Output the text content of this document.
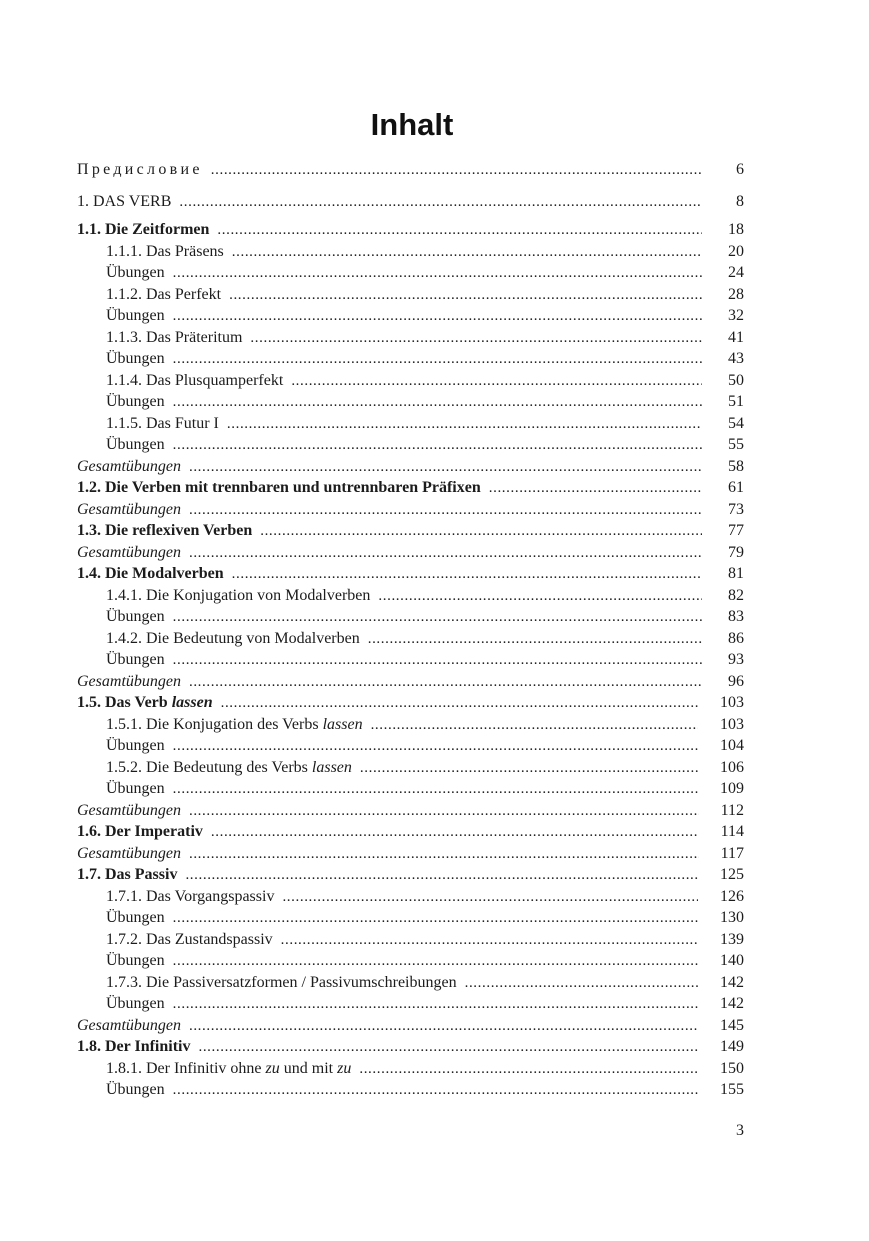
Inhalt
Предисловие .....	6
1. DAS VERB .....	8
1.1. Die Zeitformen .....	18
1.1.1. Das Präsens .....	20
Übungen .....	24
1.1.2. Das Perfekt .....	28
Übungen .....	32
1.1.3. Das Präteritum .....	41
Übungen .....	43
1.1.4. Das Plusquamperfekt .....	50
Übungen .....	51
1.1.5. Das Futur I .....	54
Übungen .....	55
Gesamtübungen .....	58
1.2. Die Verben mit trennbaren und untrennbaren Präfixen .....	61
Gesamtübungen .....	73
1.3. Die reflexiven Verben .....	77
Gesamtübungen .....	79
1.4. Die Modalverben .....	81
1.4.1. Die Konjugation von Modalverben .....	82
Übungen .....	83
1.4.2. Die Bedeutung von Modalverben .....	86
Übungen .....	93
Gesamtübungen .....	96
1.5. Das Verb lassen .....	103
1.5.1. Die Konjugation des Verbs lassen .....	103
Übungen .....	104
1.5.2. Die Bedeutung des Verbs lassen .....	106
Übungen .....	109
Gesamtübungen .....	112
1.6. Der Imperativ .....	114
Gesamtübungen .....	117
1.7. Das Passiv .....	125
1.7.1. Das Vorgangspassiv .....	126
Übungen .....	130
1.7.2. Das Zustandspassiv .....	139
Übungen .....	140
1.7.3. Die Passiversatzformen / Passivumschreibungen .....	142
Übungen .....	142
Gesamtübungen .....	145
1.8. Der Infinitiv .....	149
1.8.1. Der Infinitiv ohne zu und mit zu .....	150
Übungen .....	155
3
